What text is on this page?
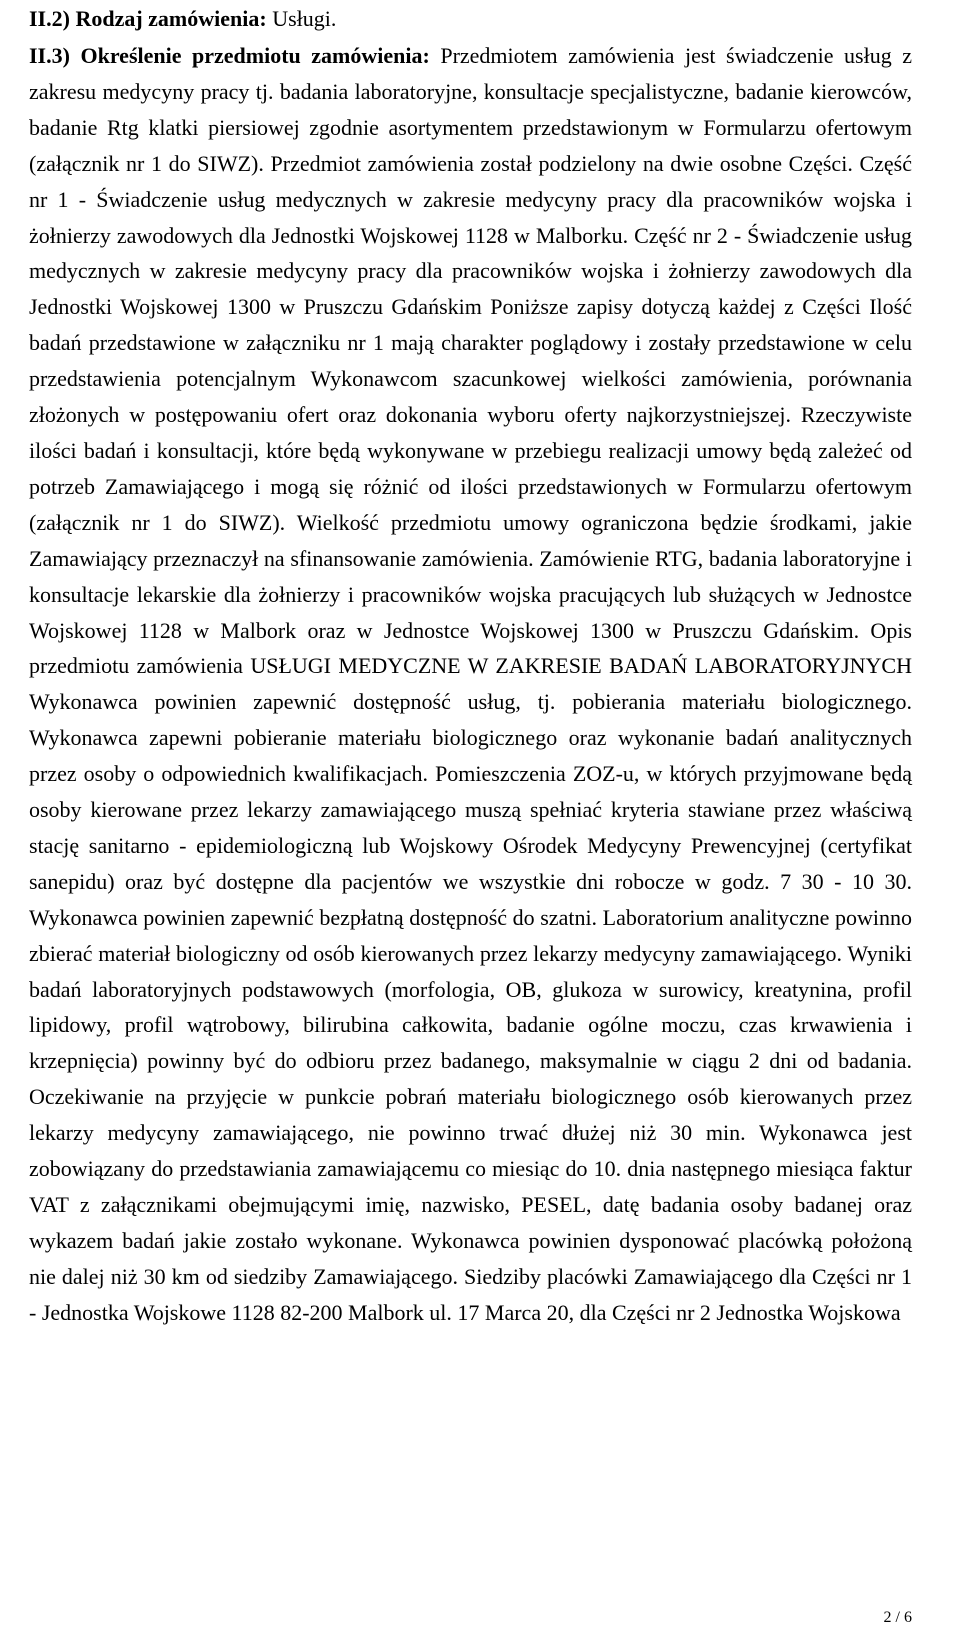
II.2) Rodzaj zamówienia: Usługi.

II.3) Określenie przedmiotu zamówienia: Przedmiotem zamówienia jest świadczenie usług z zakresu medycyny pracy tj. badania laboratoryjne, konsultacje specjalistyczne, badanie kierowców, badanie Rtg klatki piersiowej zgodnie asortymentem przedstawionym w Formularzu ofertowym (załącznik nr 1 do SIWZ). Przedmiot zamówienia został podzielony na dwie osobne Części. Część nr 1 - Świadczenie usług medycznych w zakresie medycyny pracy dla pracowników wojska i żołnierzy zawodowych dla Jednostki Wojskowej 1128 w Malborku. Część nr 2 - Świadczenie usług medycznych w zakresie medycyny pracy dla pracowników wojska i żołnierzy zawodowych dla Jednostki Wojskowej 1300 w Pruszczu Gdańskim Poniższe zapisy dotyczą każdej z Części Ilość badań przedstawione w załączniku nr 1 mają charakter poglądowy i zostały przedstawione w celu przedstawienia potencjalnym Wykonawcom szacunkowej wielkości zamówienia, porównania złożonych w postępowaniu ofert oraz dokonania wyboru oferty najkorzystniejszej. Rzeczywiste ilości badań i konsultacji, które będą wykonywane w przebiegu realizacji umowy będą zależeć od potrzeb Zamawiającego i mogą się różnić od ilości przedstawionych w Formularzu ofertowym (załącznik nr 1 do SIWZ). Wielkość przedmiotu umowy ograniczona będzie środkami, jakie Zamawiający przeznaczył na sfinansowanie zamówienia. Zamówienie RTG, badania laboratoryjne i konsultacje lekarskie dla żołnierzy i pracowników wojska pracujących lub służących w Jednostce Wojskowej 1128 w Malbork oraz w Jednostce Wojskowej 1300 w Pruszczu Gdańskim. Opis przedmiotu zamówienia USŁUGI MEDYCZNE W ZAKRESIE BADAŃ LABORATORYJNYCH Wykonawca powinien zapewnić dostępność usług, tj. pobierania materiału biologicznego. Wykonawca zapewni pobieranie materiału biologicznego oraz wykonanie badań analitycznych przez osoby o odpowiednich kwalifikacjach. Pomieszczenia ZOZ-u, w których przyjmowane będą osoby kierowane przez lekarzy zamawiającego muszą spełniać kryteria stawiane przez właściwą stację sanitarno - epidemiologiczną lub Wojskowy Ośrodek Medycyny Prewencyjnej (certyfikat sanepidu) oraz być dostępne dla pacjentów we wszystkie dni robocze w godz. 7 30 - 10 30. Wykonawca powinien zapewnić bezpłatną dostępność do szatni. Laboratorium analityczne powinno zbierać materiał biologiczny od osób kierowanych przez lekarzy medycyny zamawiającego. Wyniki badań laboratoryjnych podstawowych (morfologia, OB, glukoza w surowicy, kreatynina, profil lipidowy, profil wątrobowy, bilirubina całkowita, badanie ogólne moczu, czas krwawienia i krzepnięcia) powinny być do odbioru przez badanego, maksymalnie w ciągu 2 dni od badania. Oczekiwanie na przyjęcie w punkcie pobrań materiału biologicznego osób kierowanych przez lekarzy medycyny zamawiającego, nie powinno trwać dłużej niż 30 min. Wykonawca jest zobowiązany do przedstawiania zamawiającemu co miesiąc do 10. dnia następnego miesiąca faktur VAT z załącznikami obejmującymi imię, nazwisko, PESEL, datę badania osoby badanej oraz wykazem badań jakie zostało wykonane. Wykonawca powinien dysponować placówką położoną nie dalej niż 30 km od siedziby Zamawiającego. Siedziby placówki Zamawiającego dla Części nr 1 - Jednostka Wojskowe 1128 82-200 Malbork ul. 17 Marca 20, dla Części nr 2 Jednostka Wojskowa

2 / 6
